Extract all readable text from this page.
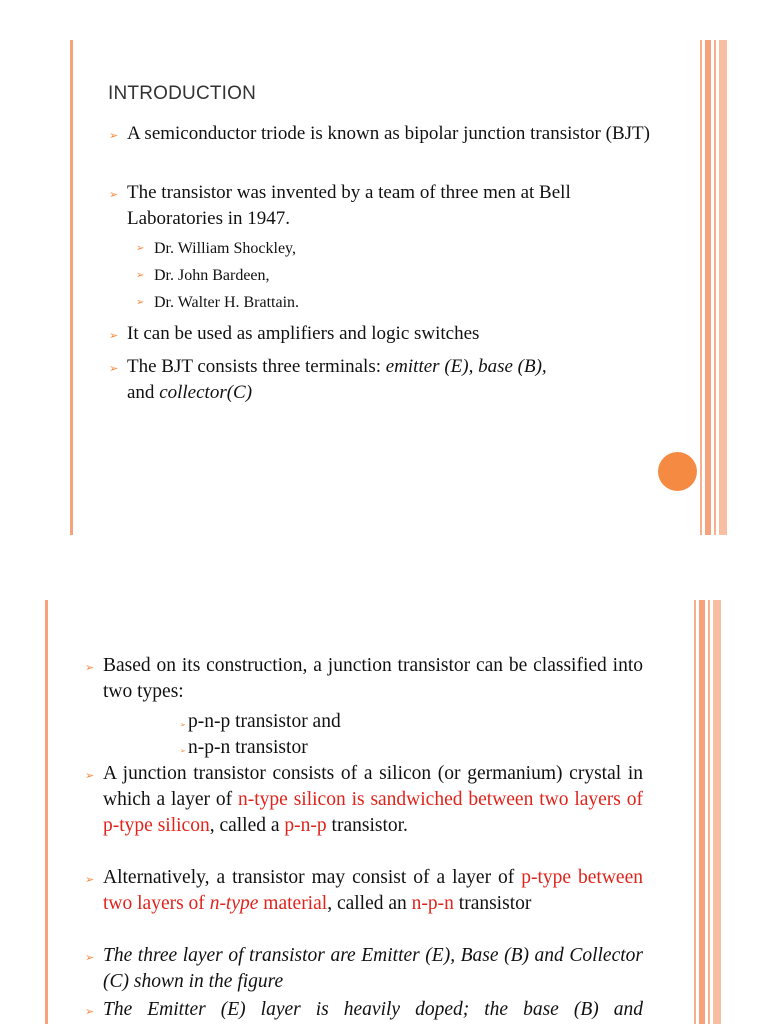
INTRODUCTION
➢ A semiconductor triode is known as bipolar junction transistor (BJT)
➢ The transistor was invented by a team of three men at Bell Laboratories in 1947.
➢ Dr. William Shockley,
➢ Dr. John Bardeen,
➢ Dr. Walter H. Brattain.
➢ It can be used as amplifiers and logic switches
➢ The BJT consists three terminals: emitter (E), base (B),
and collector(C)
➢ Based on its construction, a junction transistor can be classified into two types:
➢ p-n-p transistor and
➢ n-p-n transistor
➢ A junction transistor consists of a silicon (or germanium) crystal in which a layer of n-type silicon is sandwiched between two layers of p-type silicon, called a p-n-p transistor.
➢ Alternatively, a transistor may consist of a layer of p-type between two layers of n-type material, called an n-p-n transistor
➢ The three layer of transistor are Emitter (E), Base (B) and Collector (C) shown in the figure
➢ The Emitter (E) layer is heavily doped; the base (B) and
